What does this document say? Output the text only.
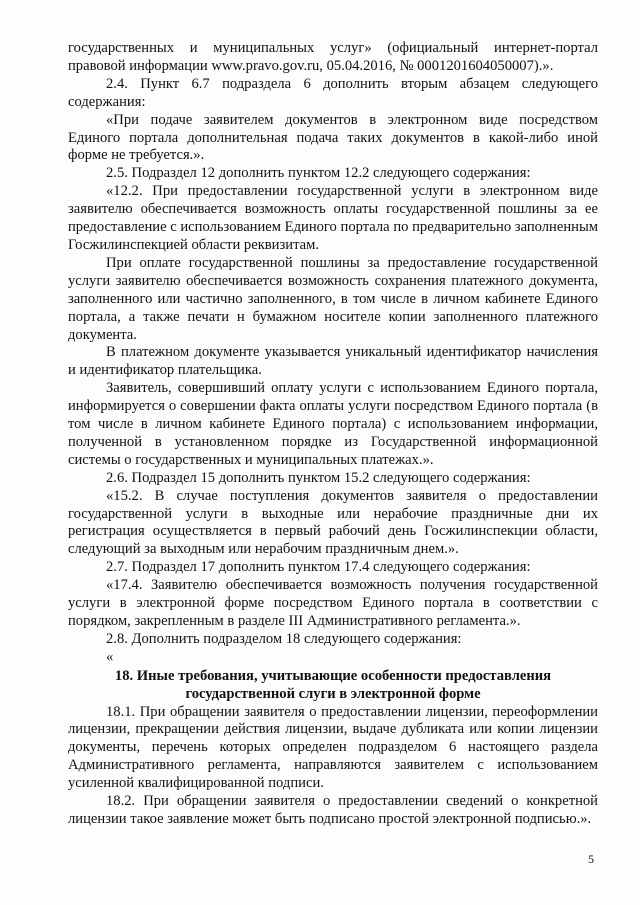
государственных и муниципальных услуг» (официальный интернет-портал правовой информации www.pravo.gov.ru, 05.04.2016, № 0001201604050007).».

2.4. Пункт 6.7 подраздела 6 дополнить вторым абзацем следующего содержания:

«При подаче заявителем документов в электронном виде посредством Единого портала дополнительная подача таких документов в какой-либо иной форме не требуется.».

2.5. Подраздел 12 дополнить пунктом 12.2 следующего содержания:

«12.2. При предоставлении государственной услуги в электронном виде заявителю обеспечивается возможность оплаты государственной пошлины за ее предоставление с использованием Единого портала по предварительно заполненным Госжилинспекцией области реквизитам.

При оплате государственной пошлины за предоставление государственной услуги заявителю обеспечивается возможность сохранения платежного документа, заполненного или частично заполненного, в том числе в личном кабинете Единого портала, а также печати н бумажном носителе копии заполненного платежного документа.

В платежном документе указывается уникальный идентификатор начисления и идентификатор плательщика.

Заявитель, совершивший оплату услуги с использованием Единого портала, информируется о совершении факта оплаты услуги посредством Единого портала (в том числе в личном кабинете Единого портала) с использованием информации, полученной в установленном порядке из Государственной информационной системы о государственных и муниципальных платежах.».

2.6. Подраздел 15 дополнить пунктом 15.2 следующего содержания:

«15.2. В случае поступления документов заявителя о предоставлении государственной услуги в выходные или нерабочие праздничные дни их регистрация осуществляется в первый рабочий день Госжилинспекции области, следующий за выходным или нерабочим праздничным днем.».

2.7. Подраздел 17 дополнить пунктом 17.4 следующего содержания:

«17.4. Заявителю обеспечивается возможность получения государственной услуги в электронной форме посредством Единого портала в соответствии с порядком, закрепленным в разделе III Административного регламента.».

2.8. Дополнить подразделом 18 следующего содержания:

«

18. Иные требования, учитывающие особенности предоставления государственной слуги в электронной форме

18.1. При обращении заявителя о предоставлении лицензии, переоформлении лицензии, прекращении действия лицензии, выдаче дубликата или копии лицензии документы, перечень которых определен подразделом 6 настоящего раздела Административного регламента, направляются заявителем с использованием усиленной квалифицированной подписи.

18.2. При обращении заявителя о предоставлении сведений о конкретной лицензии такое заявление может быть подписано простой электронной подписью.».

5
